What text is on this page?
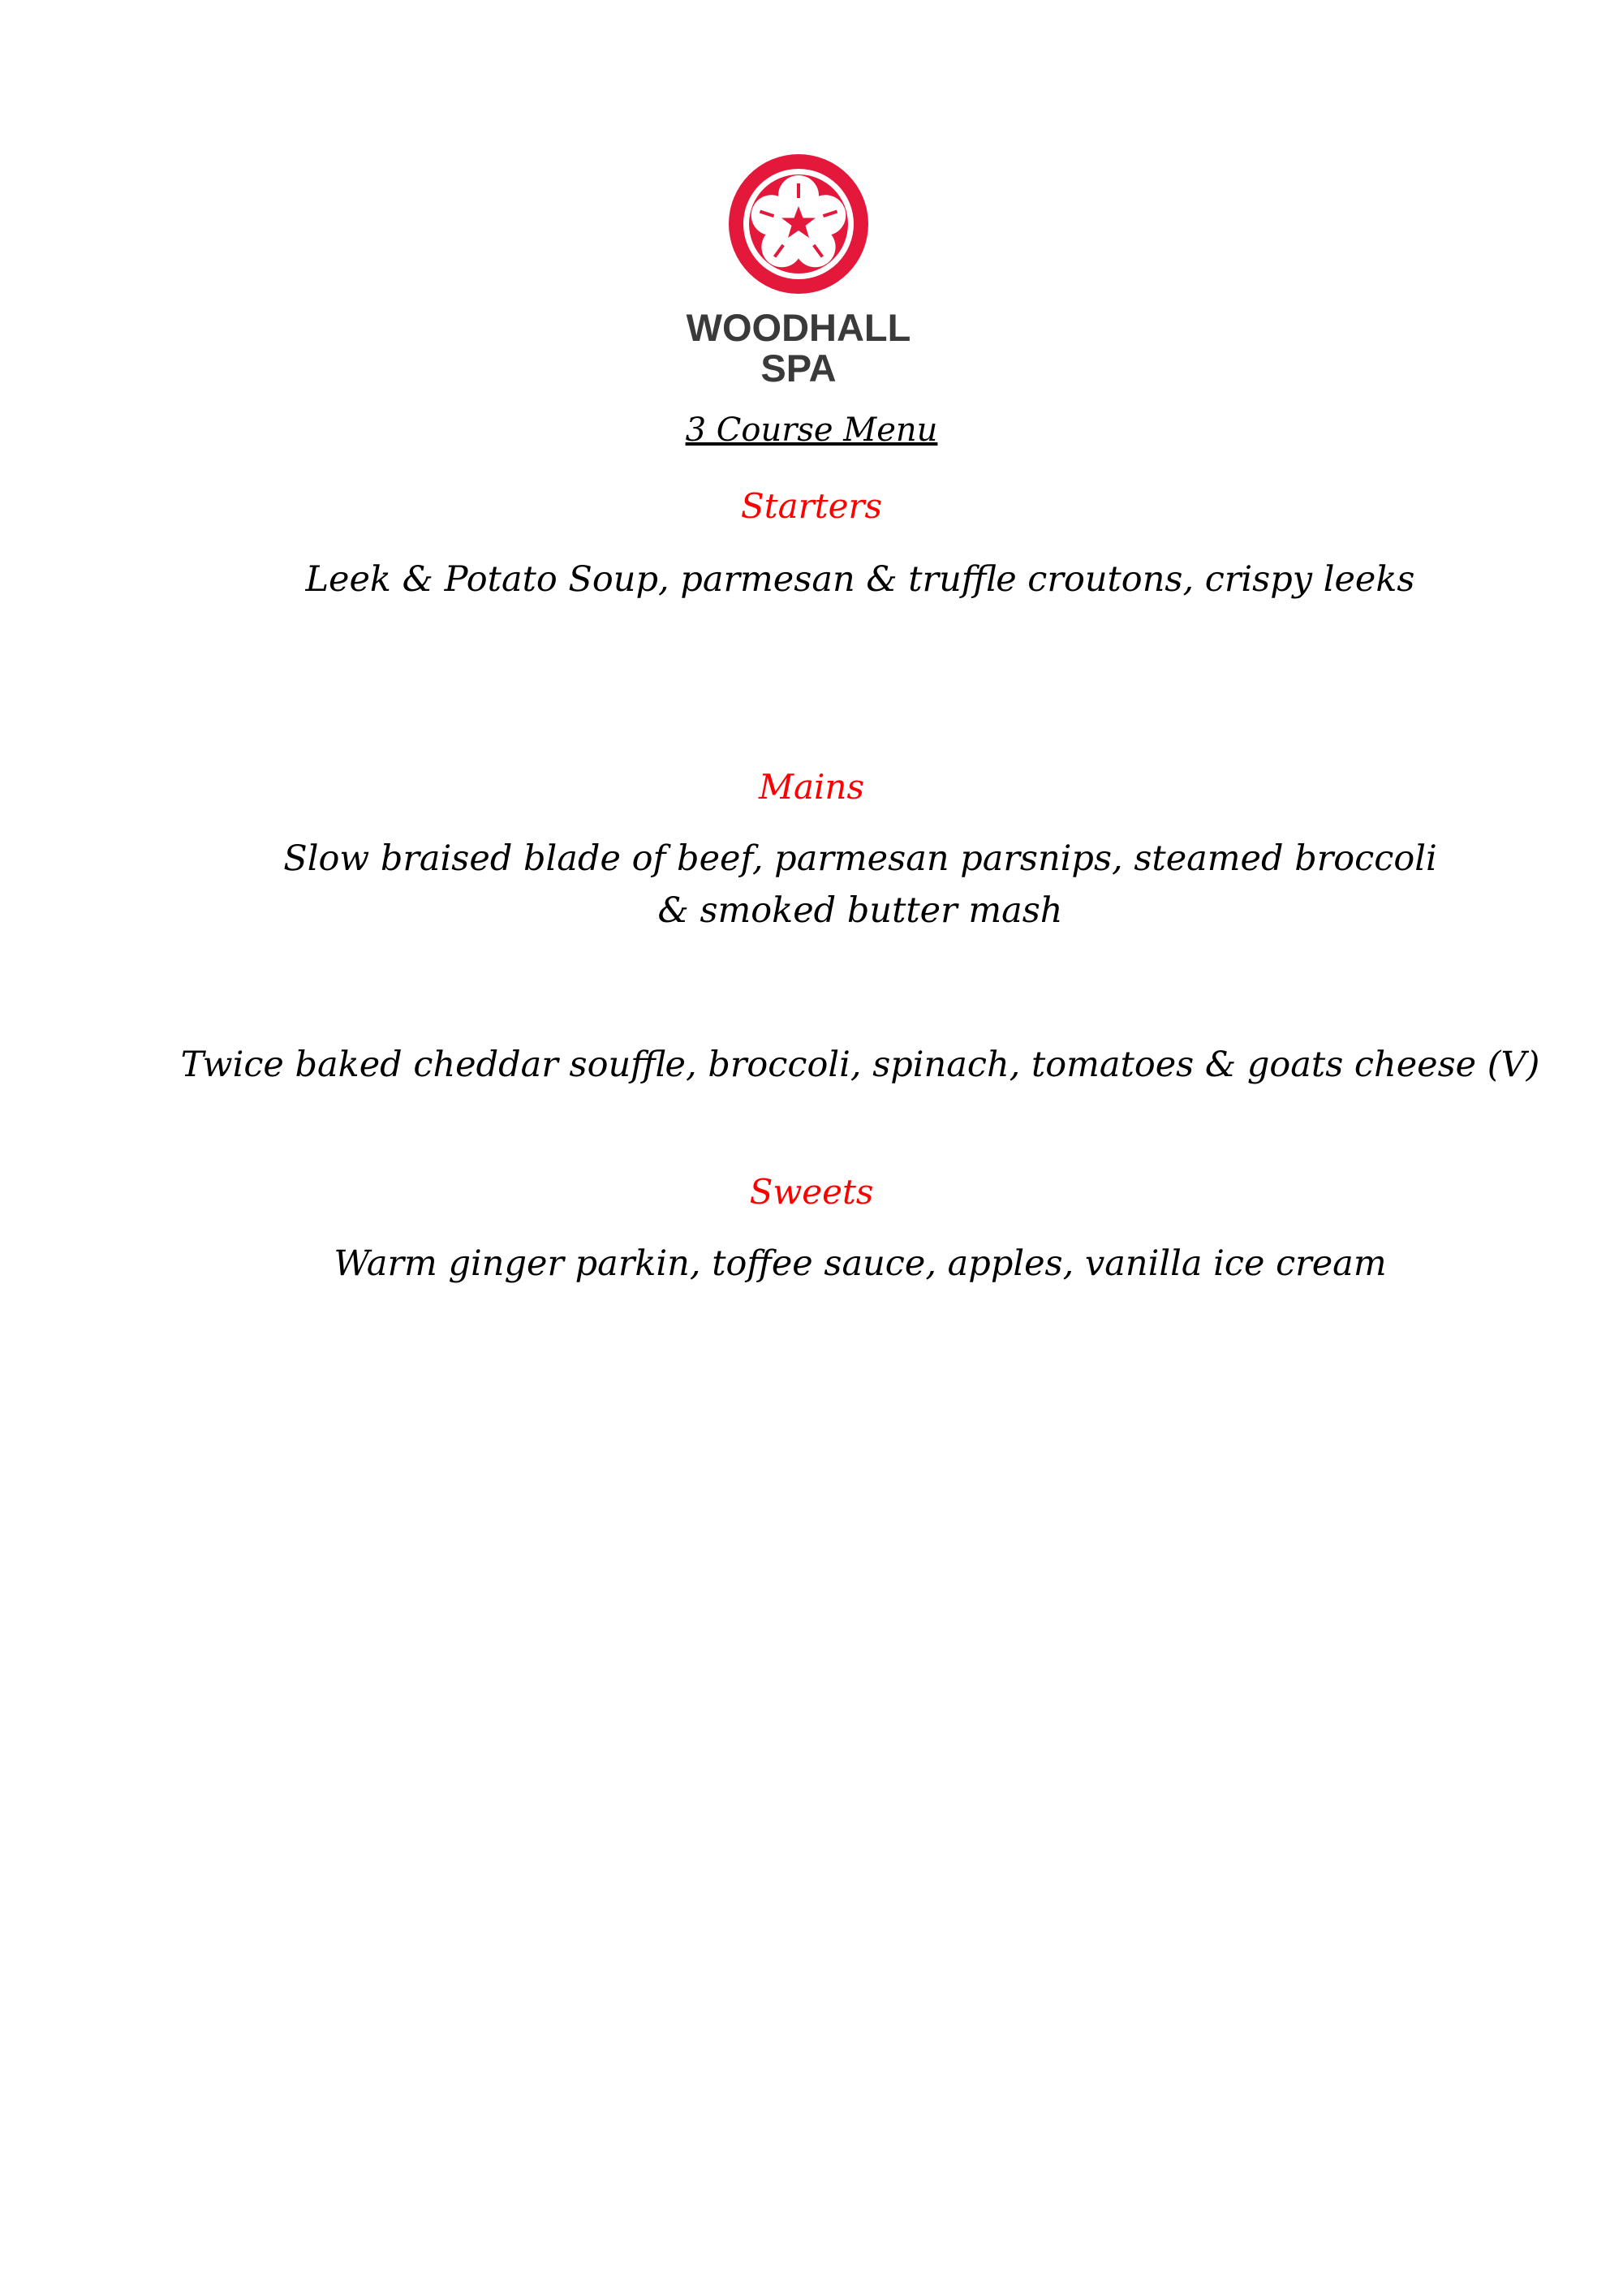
WOODHALL
SPA
3 Course Menu
Starters
Leek & Potato Soup, parmesan & truffle croutons, crispy leeks
Mains
Slow braised blade of beef, parmesan parsnips, steamed broccoli
& smoked butter mash
Twice baked cheddar souffle, broccoli, spinach, tomatoes & goats cheese (V)
Sweets
Warm ginger parkin, toffee sauce, apples, vanilla ice cream
